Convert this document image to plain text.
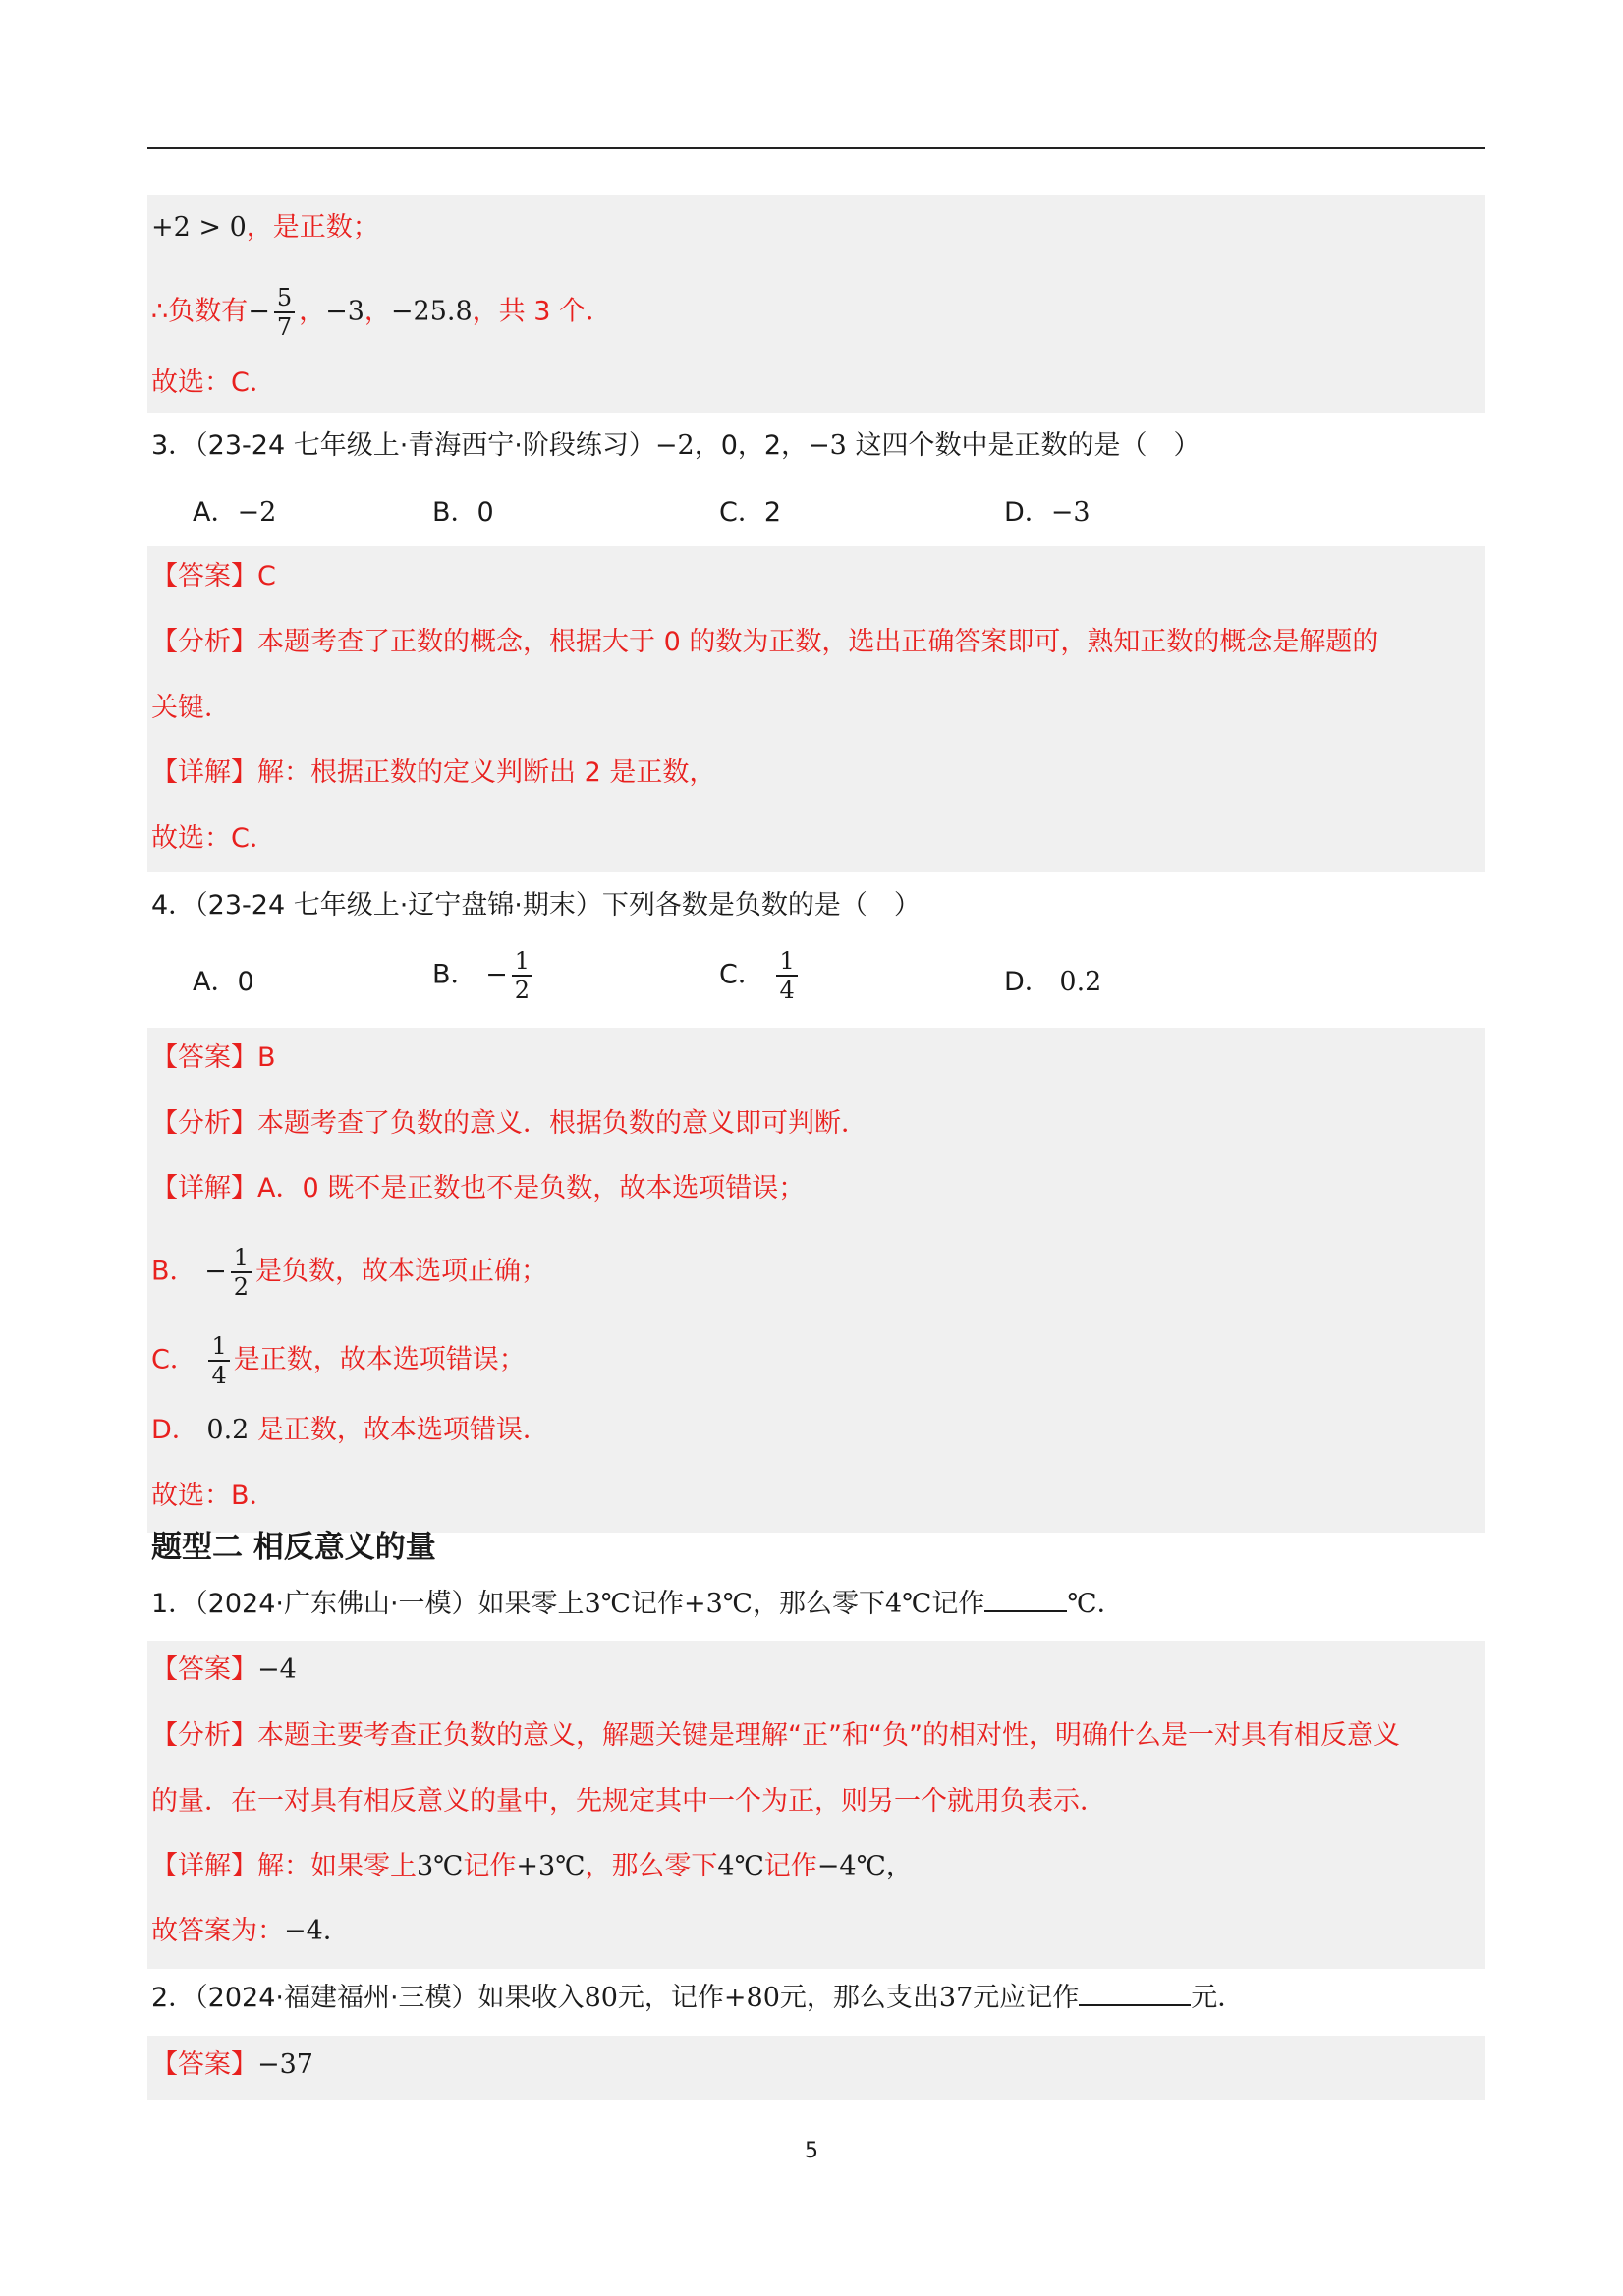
+2 > 0，是正数；
∴负数有− $\frac{5}{7}$ ，−3，−25.8，共 3 个．
故选：C．
3．（23-24 七年级上·青海西宁·阶段练习）−2，0，2，−3 这四个数中是正数的是（　）
A．−2	B．0	C．2	D．−3
【答案】C
【分析】本题考查了正数的概念，根据大于 0 的数为正数，选出正确答案即可，熟知正数的概念是解题的
关键．
【详解】解：根据正数的定义判断出 2 是正数，
故选：C．
4．（23-24 七年级上·辽宁盘锦·期末）下列各数是负数的是（　）
A．0	B． − $\frac{1}{2}$	C． $\frac{1}{4}$	D． 0.2
【答案】B
【分析】本题考查了负数的意义．根据负数的意义即可判断．
【详解】A．0 既不是正数也不是负数，故本选项错误；
B． − $\frac{1}{2}$ 是负数，故本选项正确；
C． $\frac{1}{4}$ 是正数，故本选项错误；
D． 0.2 是正数，故本选项错误．
故选：B．
题型二 相反意义的量
1．（2024·广东佛山·一模）如果零上3℃记作+3℃，那么零下4℃记作	℃．
【答案】−4
【分析】本题主要考查正负数的意义，解题关键是理解“正”和“负”的相对性，明确什么是一对具有相反意义
的量．在一对具有相反意义的量中，先规定其中一个为正，则另一个就用负表示．
【详解】解：如果零上3℃记作+3℃，那么零下4℃记作−4℃，
故答案为：−4．
2．（2024·福建福州·三模）如果收入80元，记作+80元，那么支出37元应记作	元．
【答案】−37
5
